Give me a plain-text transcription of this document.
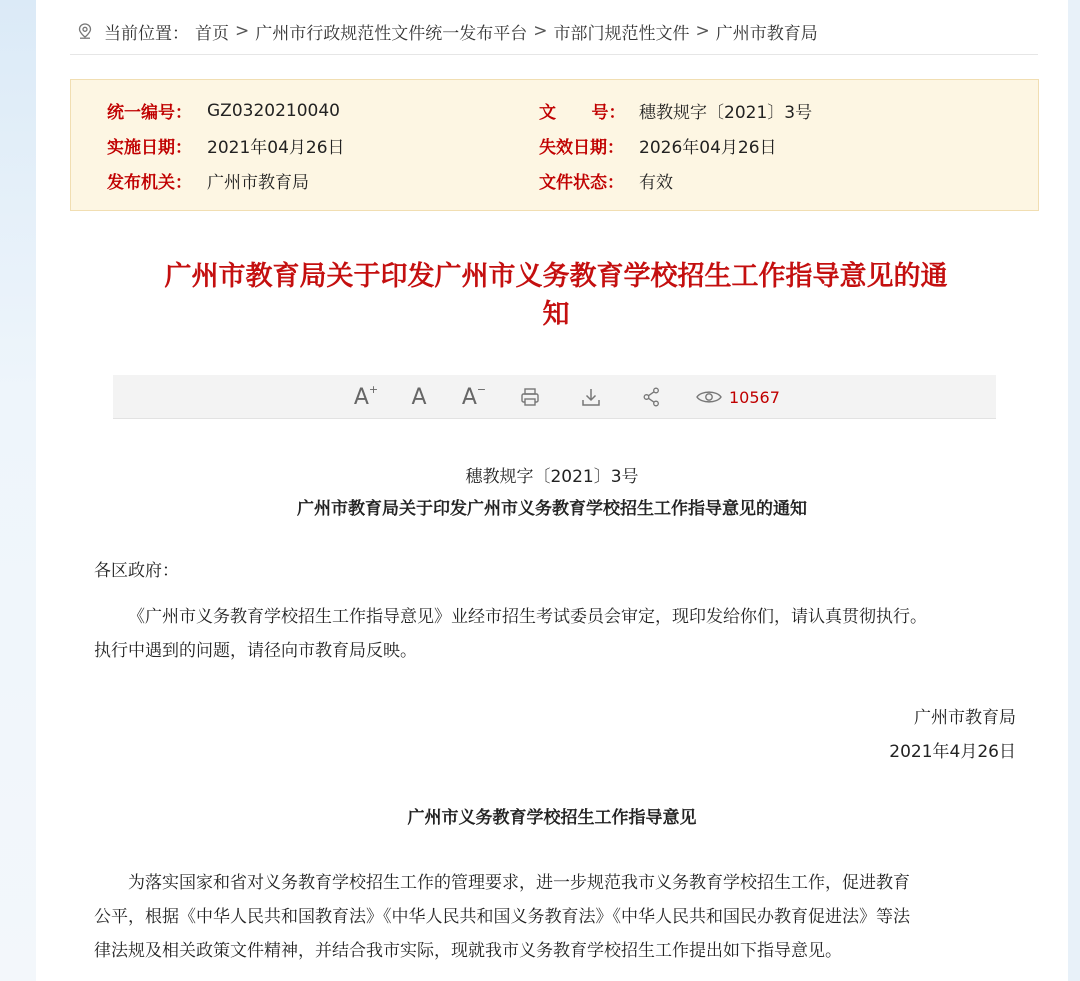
当前位置： 首页 > 广州市行政规范性文件统一发布平台 > 市部门规范性文件 > 广州市教育局
统一编号： GZ0320210040	文      号： 穗教规字〔2021〕3号
实施日期： 2021年04月26日	失效日期： 2026年04月26日
发布机关： 广州市教育局	文件状态： 有效
广州市教育局关于印发广州市义务教育学校招生工作指导意见的通
知
A+ A A−	10567
穗教规字〔2021〕3号
广州市教育局关于印发广州市义务教育学校招生工作指导意见的通知
各区政府：
《广州市义务教育学校招生工作指导意见》业经市招生考试委员会审定，现印发给你们，请认真贯彻执行。
执行中遇到的问题，请径向市教育局反映。
广州市教育局
2021年4月26日
广州市义务教育学校招生工作指导意见
为落实国家和省对义务教育学校招生工作的管理要求，进一步规范我市义务教育学校招生工作，促进教育
公平，根据《中华人民共和国教育法》《中华人民共和国义务教育法》《中华人民共和国民办教育促进法》等法
律法规及相关政策文件精神，并结合我市实际，现就我市义务教育学校招生工作提出如下指导意见。
